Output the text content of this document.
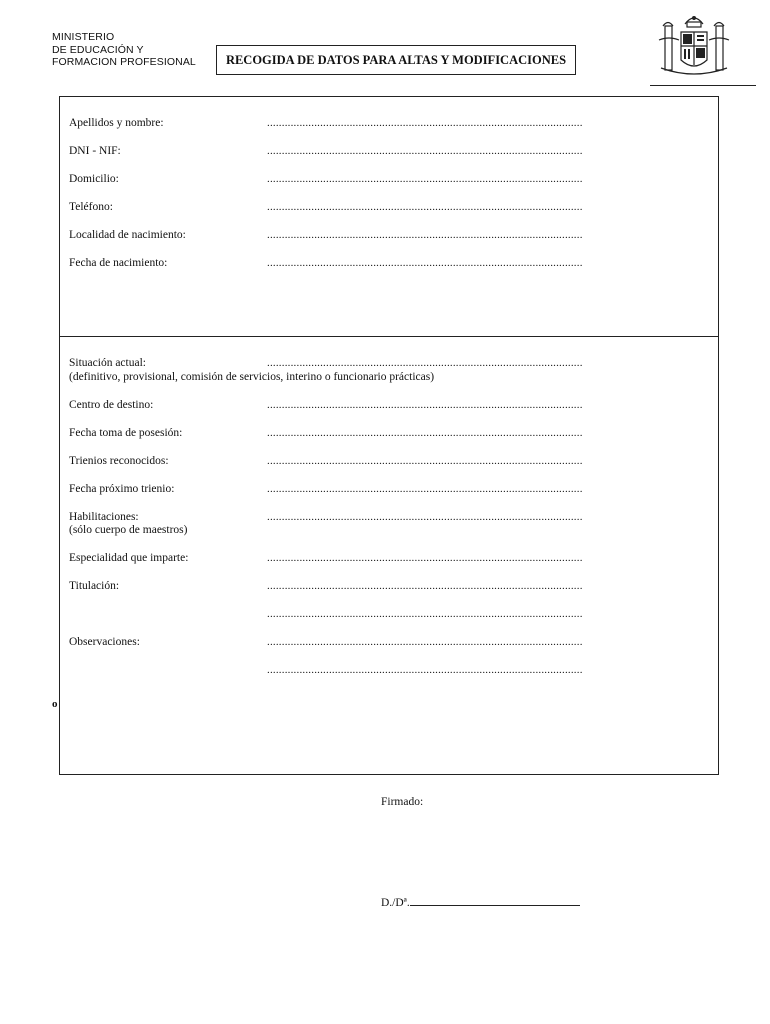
MINISTERIO
DE EDUCACIÓN Y
FORMACION PROFESIONAL	RECOGIDA DE DATOS PARA ALTAS Y MODIFICACIONES
Apellidos y nombre:	...........................................................................................................
DNI - NIF:	...........................................................................................................
Domicilio:	...........................................................................................................
Teléfono:	...........................................................................................................
Localidad de nacimiento:	...........................................................................................................
Fecha de nacimiento:	...........................................................................................................
Situación actual:	...........................................................................................................
(definitivo, provisional, comisión de servicios, interino o funcionario prácticas)
Centro de destino:	...........................................................................................................
Fecha toma de posesión:	...........................................................................................................
Trienios reconocidos:	...........................................................................................................
Fecha próximo trienio:	...........................................................................................................
Habilitaciones:	...........................................................................................................
(sólo cuerpo de maestros)
Especialidad que imparte:	...........................................................................................................
Titulación:	...........................................................................................................
...........................................................................................................
Observaciones:	...........................................................................................................
...........................................................................................................
o
Firmado:
D./Dª.
